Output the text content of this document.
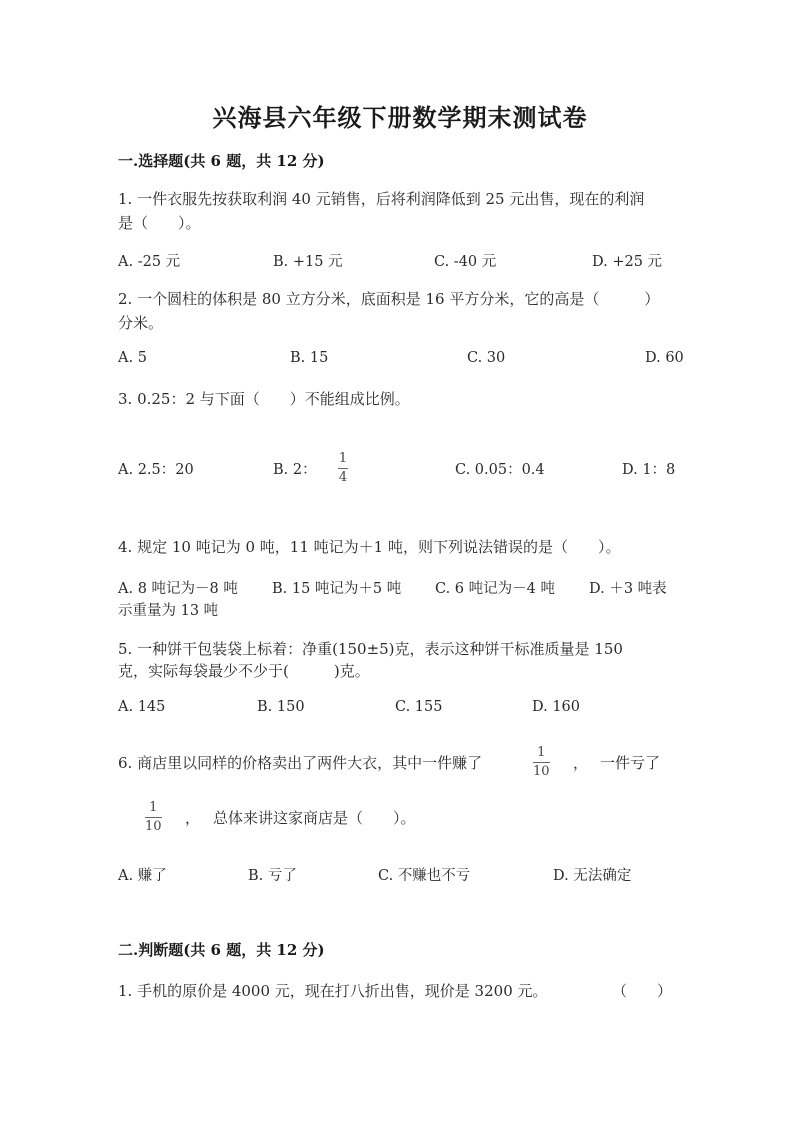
兴海县六年级下册数学期末测试卷
一.选择题(共 6 题，共 12 分)
1. 一件衣服先按获取利润 40 元销售，后将利润降低到 25 元出售，现在的利润
是（　　）。
A. -25 元	B. +15 元	C. -40 元	D. +25 元
2. 一个圆柱的体积是 80 立方分米，底面积是 16 平方分米，它的高是（　　　）
分米。
A. 5	B. 15	C. 30	D. 60
3. 0.25：2 与下面（　　）不能组成比例。
A. 2.5：20	B. 2：
1
4	C. 0.05：0.4	D. 1：8
4. 规定 10 吨记为 0 吨，11 吨记为＋1 吨，则下列说法错误的是（　　）。
A. 8 吨记为－8 吨 B. 15 吨记为＋5 吨 C. 6 吨记为－4 吨 D. ＋3 吨表
示重量为 13 吨
5. 一种饼干包装袋上标着：净重(150±5)克，表示这种饼干标准质量是 150
克，实际每袋最少不少于(　　　)克。
A. 145	B. 150	C. 155	D. 160
6. 商店里以同样的价格卖出了两件大衣，其中一件赚了
1
10 ， 一件亏了
1
10 ， 总体来讲这家商店是（　　）。
A. 赚了	B. 亏了	C. 不赚也不亏	D. 无法确定
二.判断题(共 6 题，共 12 分)
1. 手机的原价是 4000 元，现在打八折出售，现价是 3200 元。	（　　）
